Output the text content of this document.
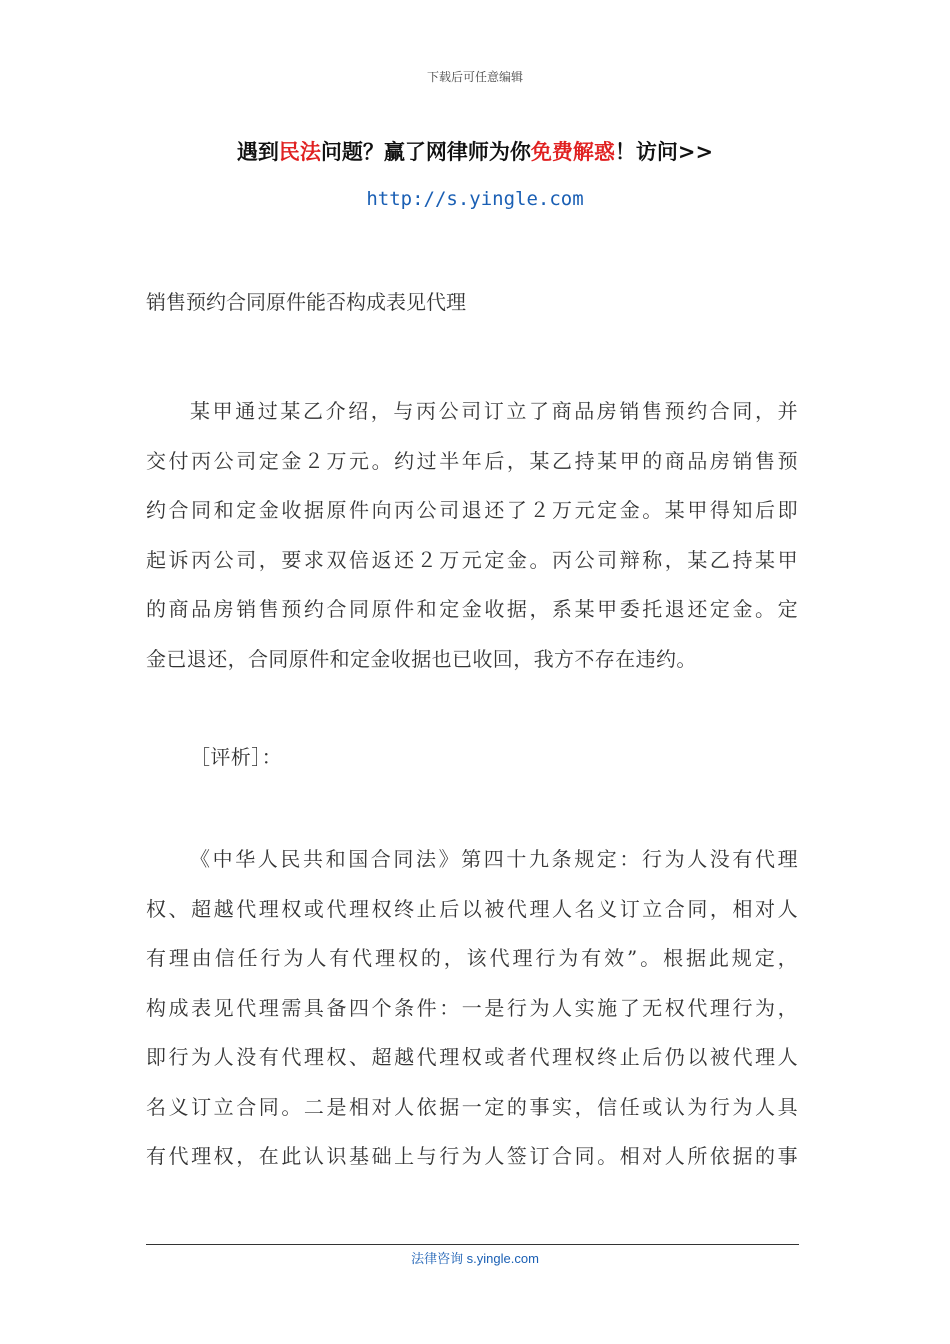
下载后可任意编辑
遇到民法问题？赢了网律师为你免费解惑！访问>>
http://s.yingle.com
销售预约合同原件能否构成表见代理
某甲通过某乙介绍，与丙公司订立了商品房销售预约合同，并
交付丙公司定金２万元。约过半年后，某乙持某甲的商品房销售预
约合同和定金收据原件向丙公司退还了２万元定金。某甲得知后即
起诉丙公司，要求双倍返还２万元定金。丙公司辩称，某乙持某甲
的商品房销售预约合同原件和定金收据，系某甲委托退还定金。定
金已退还，合同原件和定金收据也已收回，我方不存在违约。
［评析］：
《中华人民共和国合同法》第四十九条规定：行为人没有代理
权、超越代理权或代理权终止后以被代理人名义订立合同，相对人
有理由信任行为人有代理权的，该代理行为有效”。根据此规定，
构成表见代理需具备四个条件：一是行为人实施了无权代理行为，
即行为人没有代理权、超越代理权或者代理权终止后仍以被代理人
名义订立合同。二是相对人依据一定的事实，信任或认为行为人具
有代理权，在此认识基础上与行为人签订合同。相对人所依据的事
法律咨询 s.yingle.com
